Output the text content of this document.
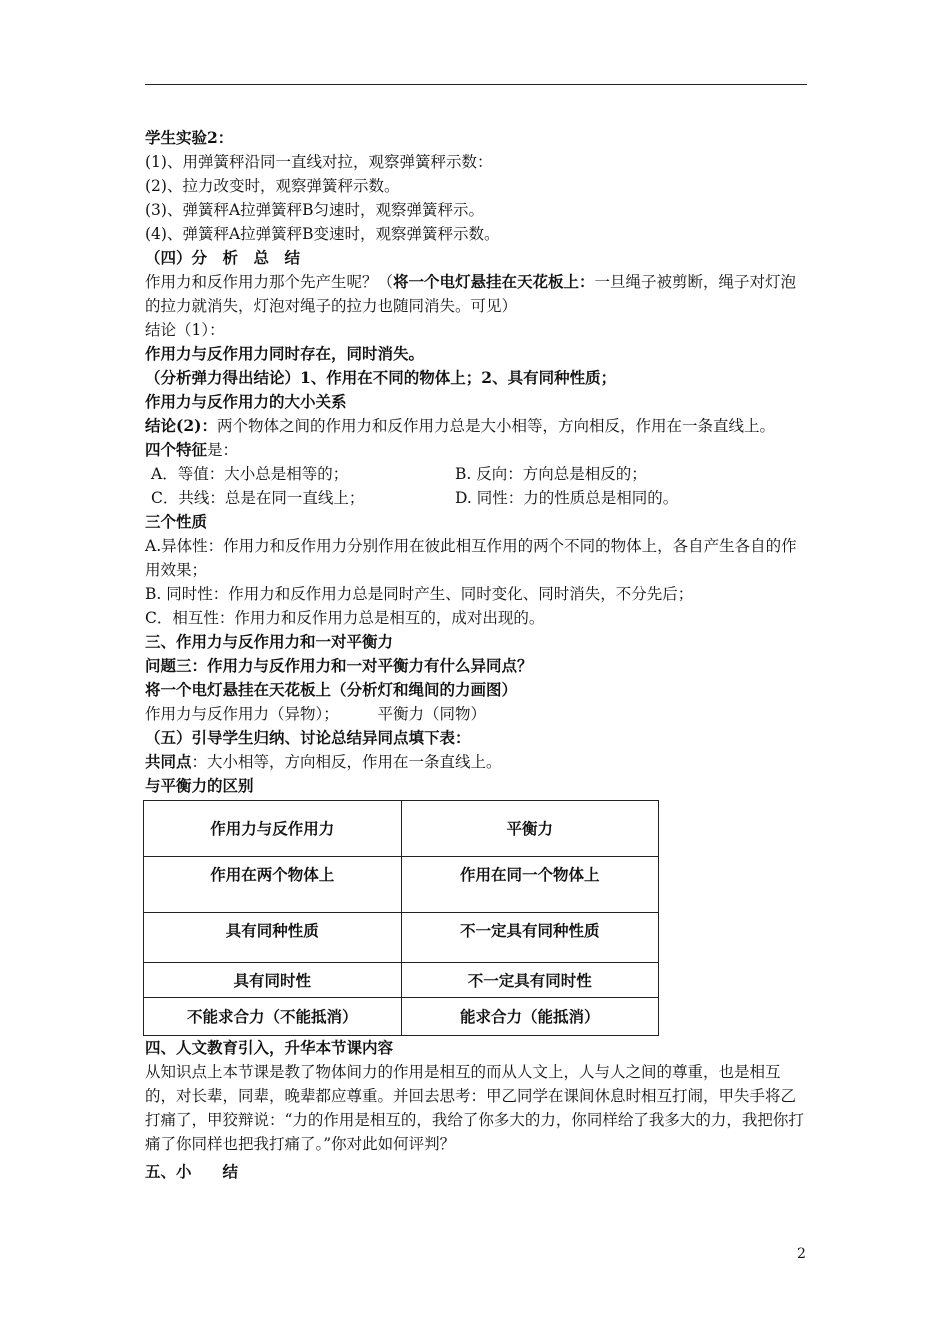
学生实验2：
(1)、用弹簧秤沿同一直线对拉，观察弹簧秤示数：
(2)、拉力改变时，观察弹簧秤示数。
(3)、弹簧秤A拉弹簧秤B匀速时，观察弹簧秤示。
(4)、弹簧秤A拉弹簧秤B变速时，观察弹簧秤示数。
（四）分　析　总　结
作用力和反作用力那个先产生呢？（将一个电灯悬挂在天花板上：一旦绳子被剪断，绳子对灯泡的拉力就消失，灯泡对绳子的拉力也随同消失。可见）
结论（1）：
作用力与反作用力同时存在，同时消失。
（分析弹力得出结论）1、作用在不同的物体上；2、具有同种性质；
作用力与反作用力的大小关系
结论(2)：两个物体之间的作用力和反作用力总是大小相等，方向相反，作用在一条直线上。
四个特征是：
A．等值：大小总是相等的；	B. 反向：方向总是相反的；
C．共线：总是在同一直线上；	D. 同性：力的性质总是相同的。
三个性质
A.异体性：作用力和反作用力分别作用在彼此相互作用的两个不同的物体上，各自产生各自的作用效果；
B. 同时性：作用力和反作用力总是同时产生、同时变化、同时消失，不分先后；
C．相互性：作用力和反作用力总是相互的，成对出现的。
三、作用力与反作用力和一对平衡力
问题三：作用力与反作用力和一对平衡力有什么异同点？
将一个电灯悬挂在天花板上（分析灯和绳间的力画图）
作用力与反作用力（异物）；　　　平衡力（同物）
（五）引导学生归纳、讨论总结异同点填下表：
共同点：大小相等，方向相反，作用在一条直线上。
与平衡力的区别
作用力与反作用力	平衡力
作用在两个物体上	作用在同一个物体上
具有同种性质	不一定具有同种性质
具有同时性	不一定具有同时性
不能求合力（不能抵消）	能求合力（能抵消）
四、人文教育引入，升华本节课内容
从知识点上本节课是教了物体间力的作用是相互的而从人文上，人与人之间的尊重，也是相互的，对长辈，同辈，晚辈都应尊重。并回去思考：甲乙同学在课间休息时相互打闹，甲失手将乙打痛了，甲狡辩说：“力的作用是相互的，我给了你多大的力，你同样给了我多大的力，我把你打痛了你同样也把我打痛了。”你对此如何评判？
五、小　　结
2
